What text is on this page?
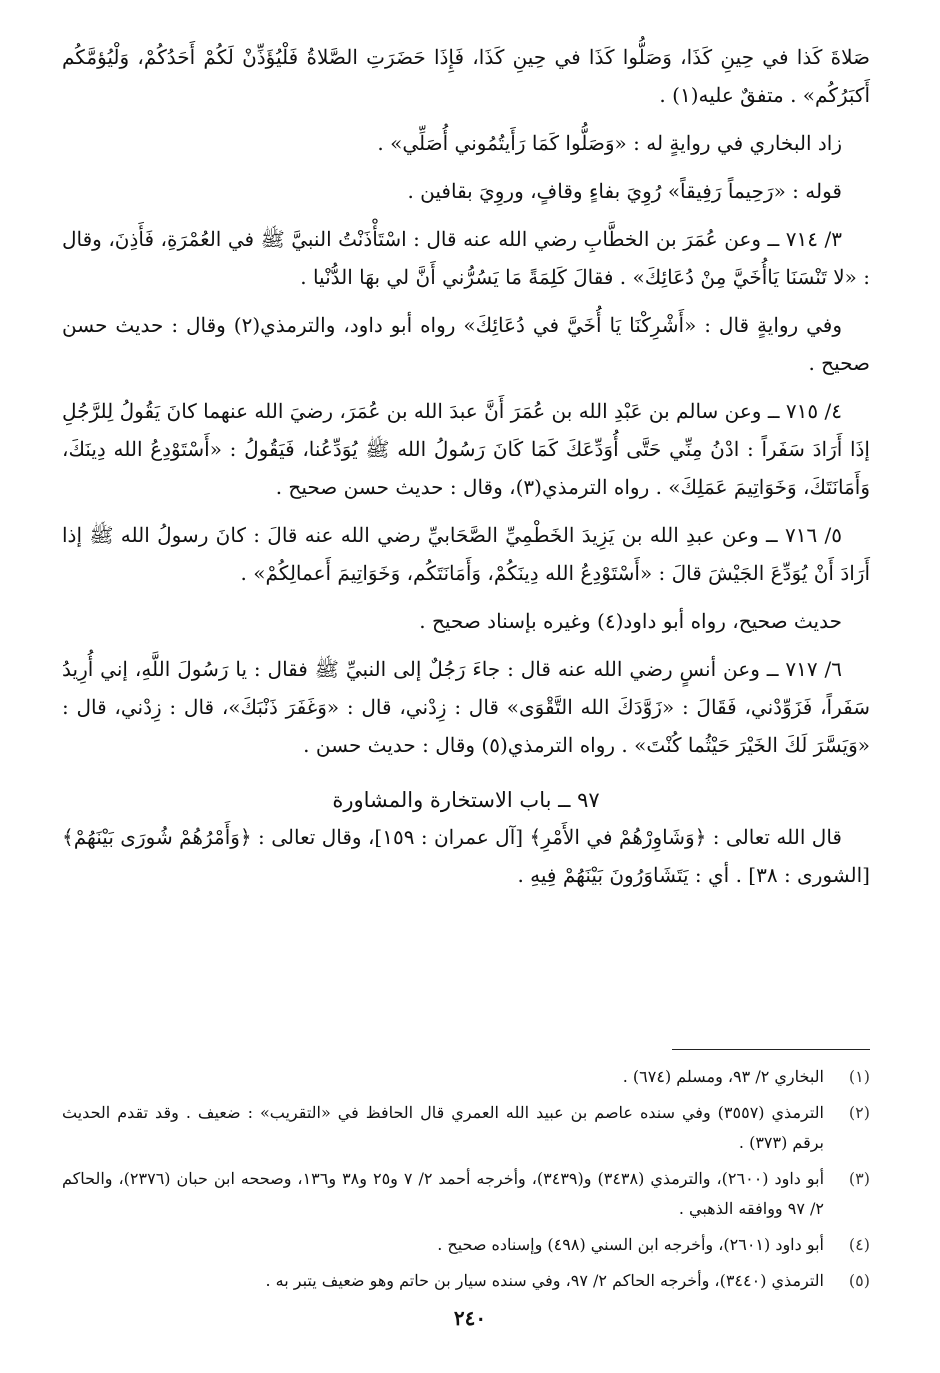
صَلاةَ كَذا في حِينِ كَذَا، وَصَلُّوا كَذَا في حِينِ كَذَا، فَإِذَا حَضَرَتِ الصَّلاةُ فَلْيُؤَذِّنْ لَكُمْ أَحَدُكُمْ، وَلْيُؤمَّكُم أَكبَرُكُم» . متفقٌ عليه(١) .

زاد البخاري في روايةٍ له : «وَصَلُّوا كَمَا رَأَيتُمُوني أُصَلِّي» .

قوله : «رَحِيماً رَفِيقاً» رُوِيَ بفاءٍ وقافٍ، وروِيَ بقافين .

٣/ ٧١٤ ــ وعن عُمَرَ بن الخطَّابِ رضي الله عنه قال : اسْتَأْذَنْتُ النبيَّ ﷺ في العُمْرَةِ، فَأَذِنَ، وقال : «لا تَنْسَنَا يَاأُخَيَّ مِنْ دُعَائِكَ» . فقالَ كَلِمَةً مَا يَسُرُّني أَنَّ لي بهَا الدُّنْيا .

وفي روايةٍ قال : «أَشْرِكْنَا يَا أُخَيَّ في دُعَائِكَ» رواه أبو داود، والترمذي(٢) وقال : حديث حسن صحيح .

٤/ ٧١٥ ــ وعن سالم بن عَبْدِ الله بن عُمَرَ أَنَّ عبدَ الله بن عُمَرَ، رضيَ الله عنهما كانَ يَقُولُ لِلرَّجُلِ إذَا أَرَادَ سَفَراً : ادْنُ مِنِّي حَتَّى أُوَدِّعَكَ كَمَا كَانَ رَسُولُ الله ﷺ يُوَدِّعُنا، فَيَقُولُ : «أَسْتَوْدِعُ الله دِينَكَ، وَأَمَانَتَكَ، وَخَوَاتِيمَ عَمَلِكَ» . رواه الترمذي(٣)، وقال : حديث حسن صحيح .

٥/ ٧١٦ ــ وعن عبدِ الله بن يَزِيدَ الخَطْمِيِّ الصَّحَابيِّ رضي الله عنه قالَ : كانَ رسولُ الله ﷺ إذا أَرَادَ أَنْ يُوَدِّعَ الجَيْشَ قالَ : «أَسْتَوْدِعُ الله دِينَكُمْ، وَأَمَانَتَكُم، وَخَوَاتِيمَ أَعمالِكُمْ» .

حديث صحيح، رواه أبو داود(٤) وغيره بإسناد صحيح .

٦/ ٧١٧ ــ وعن أنسٍ رضي الله عنه قال : جاءَ رَجُلٌ إلى النبيِّ ﷺ فقال : يا رَسُولَ اللَّهِ، إني أُرِيدُ سَفَراً، فَزَوِّدْني، فَقَالَ : «زَوَّدَكَ الله التَّقْوَى» قال : زِدْني، قال : «وَغَفَرَ ذَنْبَكَ»، قال : زِدْني، قال : «وَيَسَّرَ لَكَ الخَيْرَ حَيْثُما كُنْتَ» . رواه الترمذي(٥) وقال : حديث حسن .

٩٧ ــ باب الاستخارة والمشاورة

قال الله تعالى : ﴿وَشَاوِرْهُمْ في الأَمْرِ﴾ [آل عمران : ١٥٩]، وقال تعالى : ﴿وَأَمْرُهُمْ شُورَى بَيْنَهُمْ﴾ [الشورى : ٣٨] . أي : يَتَشَاوَرُونَ بَيْنَهُمْ فِيهِ .

(١)
البخاري ٢/ ٩٣، ومسلم (٦٧٤) .
(٢)
الترمذي (٣٥٥٧) وفي سنده عاصم بن عبيد الله العمري قال الحافظ في «التقريب» : ضعيف . وقد تقدم الحديث برقم (٣٧٣) .
(٣)
أبو داود (٢٦٠٠)، والترمذي (٣٤٣٨) و(٣٤٣٩)، وأخرجه أحمد ٢/ ٧ و٢٥ و٣٨ و١٣٦، وصححه ابن حبان (٢٣٧٦)، والحاكم ٢/ ٩٧ ووافقه الذهبي .
(٤)
أبو داود (٢٦٠١)، وأخرجه ابن السني (٤٩٨) وإسناده صحيح .
(٥)
الترمذي (٣٤٤٠)، وأخرجه الحاكم ٢/ ٩٧، وفي سنده سيار بن حاتم وهو ضعيف يتبر به .
٢٤٠
